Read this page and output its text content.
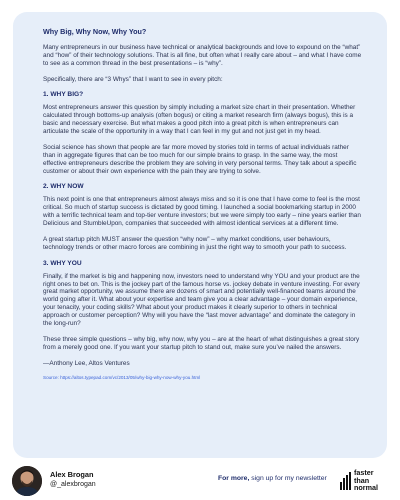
Why Big, Why Now, Why You?

Many entrepreneurs in our business have technical or analytical backgrounds and love to expound on the “what” and “how” of their technology solutions. That is all fine, but often what I really care about – and what I have come to see as a common thread in the best presentations – is “why”.

Specifically, there are “3 Whys” that I want to see in every pitch:

1. WHY BIG?

Most entrepreneurs answer this question by simply including a market size chart in their presentation. Whether calculated through bottoms-up analysis (often bogus) or citing a market research firm (always bogus), this is a basic and necessary exercise. But what makes a good pitch into a great pitch is when entrepreneurs can articulate the scale of the opportunity in a way that I can feel in my gut and not just get in my head.

Social science has shown that people are far more moved by stories told in terms of actual individuals rather than in aggregate figures that can be too much for our simple brains to grasp. In the same way, the most effective entrepreneurs describe the problem they are solving in very personal terms. They talk about a specific customer or about their own experience with the pain they are trying to solve.

2. WHY NOW

This next point is one that entrepreneurs almost always miss and so it is one that I have come to feel is the most critical. So much of startup success is dictated by good timing. I launched a social bookmarking startup in 2000 with a terrific technical team and top-tier venture investors; but we were simply too early – nine years earlier than Delicious and StumbleUpon, companies that succeeded with almost identical services at a different time.

A great startup pitch MUST answer the question “why now” – why market conditions, user behaviours, technology trends or other macro forces are combining in just the right way to smooth your path to success.

3. WHY YOU

Finally, if the market is big and happening now, investors need to understand why YOU and your product are the right ones to bet on. This is the jockey part of the famous horse vs. jockey debate in venture investing. For every great market opportunity, we assume there are dozens of smart and potentially well-financed teams around the world going after it. What about your expertise and team give you a clear advantage – your domain experience, your tenacity, your coding skills? What about your product makes it clearly superior to others in technical approach or customer perception? Why will you have the “last mover advantage” and dominate the category in the long-run?

These three simple questions – why big, why now, why you – are at the heart of what distinguishes a great story from a merely good one. If you want your startup pitch to stand out, make sure you’ve nailed the answers.

—Anthony Lee, Altos Ventures

Source: https://altos.typepad.com/vc/2013/05/why-big-why-now-why-you.html
Alex Brogan
@_alexbrogan
For more, sign up for my newsletter
faster
than
normal
